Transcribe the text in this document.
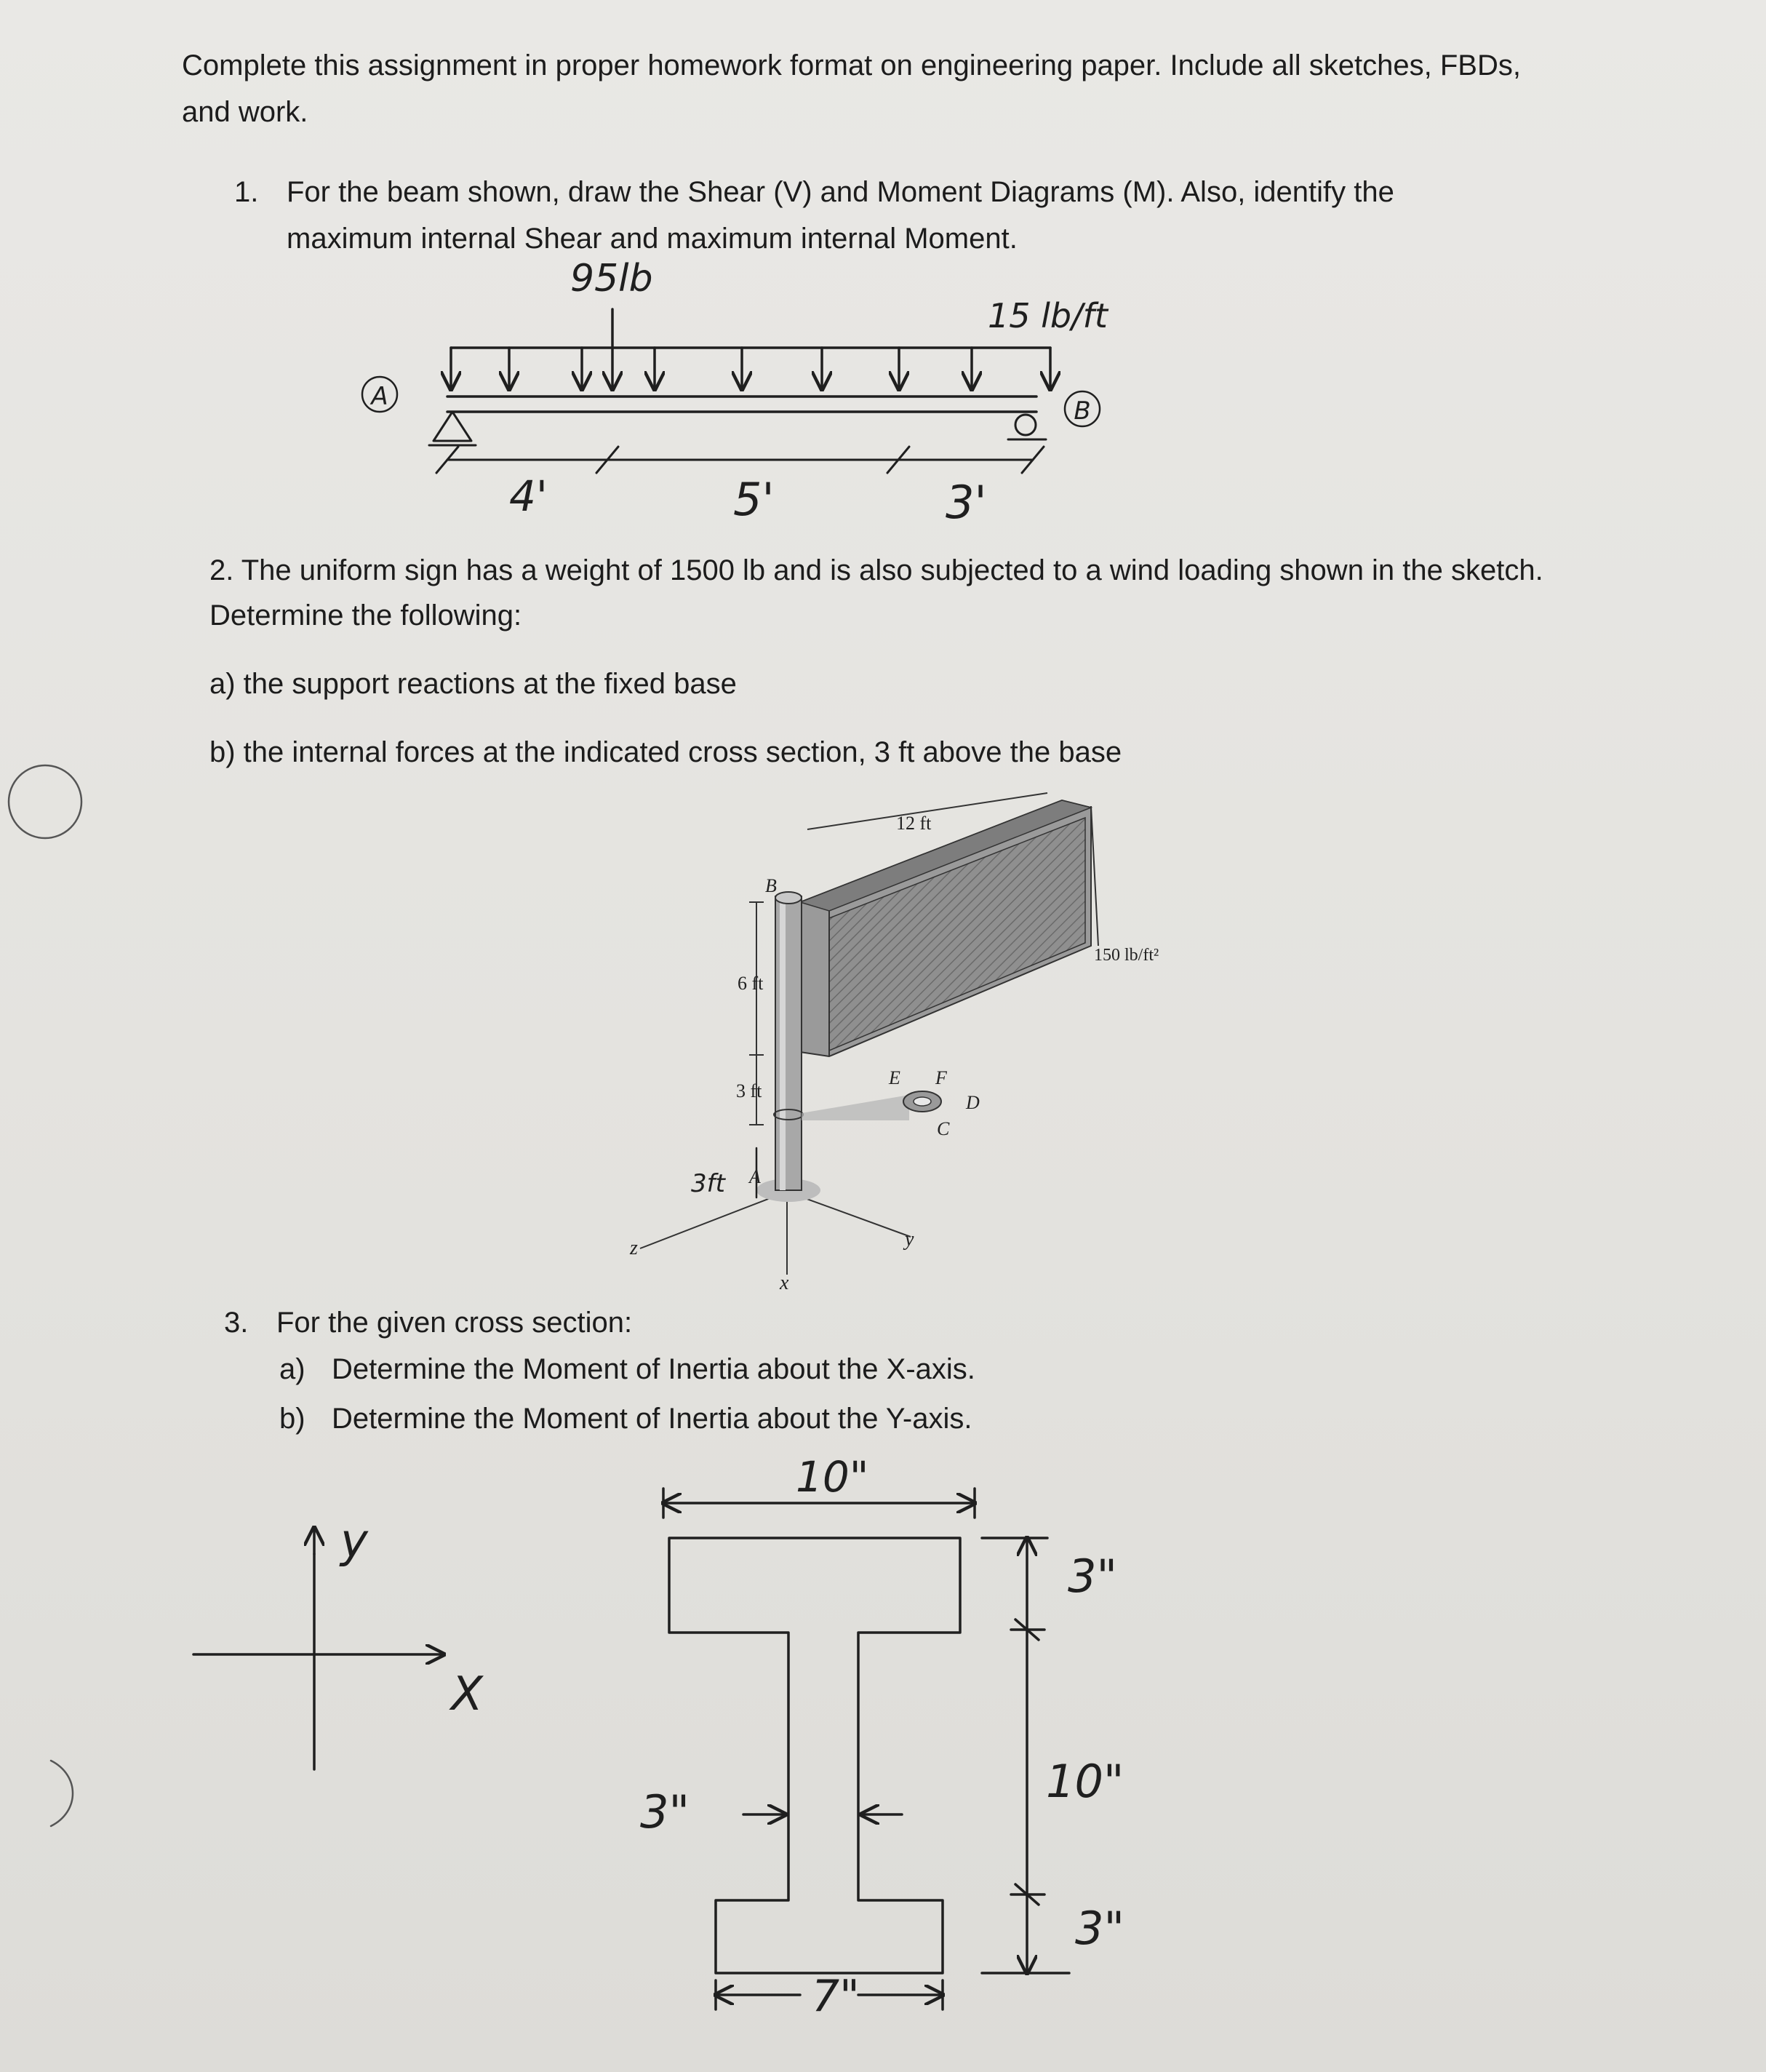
Complete this assignment in proper homework format on engineering paper. Include all sketches, FBDs,
and work.
1. For the beam shown, draw the Shear (V) and Moment Diagrams (M). Also, identify the
maximum internal Shear and maximum internal Moment.
2. The uniform sign has a weight of 1500 lb and is also subjected to a wind loading shown in the sketch.
Determine the following:
a) the support reactions at the fixed base
b) the internal forces at the indicated cross section, 3 ft above the base
3. For the given cross section:
a) Determine the Moment of Inertia about the X-axis.
b) Determine the Moment of Inertia about the Y-axis.
95lb
15 lb/ft
A	B
4'	5'	3'
z
x
y
6 ft
3 ft
3ft
12 ft
150 lb/ft²
B
A
E F
D
C
y
X
10"
3"
10"
3"
3"
7"
